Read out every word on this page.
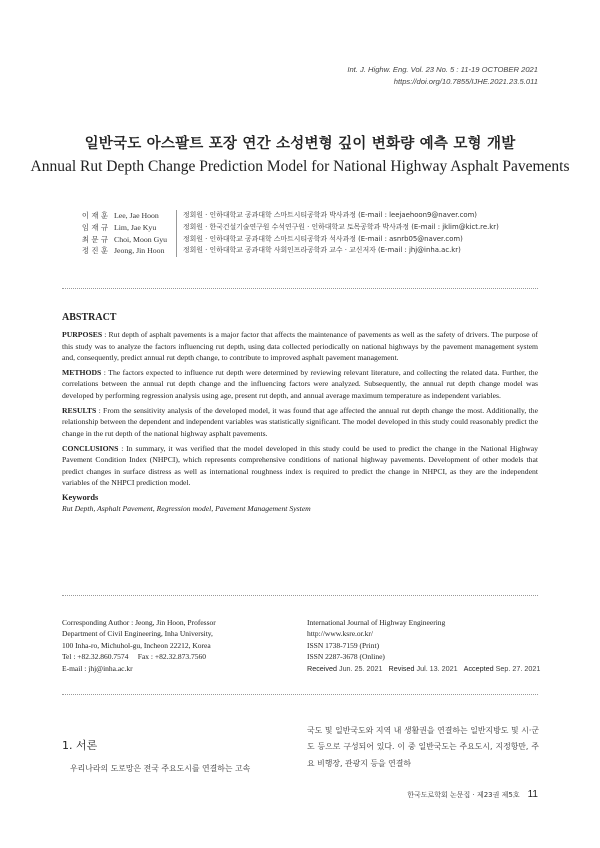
Int. J. Highw. Eng. Vol. 23 No. 5 : 11-19 OCTOBER 2021
https://doi.org/10.7855/IJHE.2021.23.5.011
일반국도 아스팔트 포장 연간 소성변형 깊이 변화량 예측 모형 개발
Annual Rut Depth Change Prediction Model for National Highway Asphalt Pavements
이 재 훈 Lee, Jae Hoon	정회원 · 인하대학교 공과대학 스마트시티공학과 박사과정 (E-mail : leejaehoon9@naver.com)
임 재 규 Lim, Jae Kyu	정회원 · 한국건설기술연구원 수석연구원 · 인하대학교 토목공학과 박사과정 (E-mail : jklim@kict.re.kr)
최 문 규 Choi, Moon Gyu	정회원 · 인하대학교 공과대학 스마트시티공학과 석사과정 (E-mail : asnrb05@naver.com)
정 진 훈 Jeong, Jin Hoon	정회원 · 인하대학교 공과대학 사회인프라공학과 교수 · 교신저자 (E-mail : jhj@inha.ac.kr)
ABSTRACT

PURPOSES : Rut depth of asphalt pavements is a major factor that affects the maintenance of pavements as well as the safety of drivers. The purpose of this study was to analyze the factors influencing rut depth, using data collected periodically on national highways by the pavement management system and, consequently, predict annual rut depth change, to contribute to improved asphalt pavement management.

METHODS : The factors expected to influence rut depth were determined by reviewing relevant literature, and collecting the related data. Further, the correlations between the annual rut depth change and the influencing factors were analyzed. Subsequently, the annual rut depth change model was developed by performing regression analysis using age, present rut depth, and annual average maximum temperature as independent variables.

RESULTS : From the sensitivity analysis of the developed model, it was found that age affected the annual rut depth change the most. Additionally, the relationship between the dependent and independent variables was statistically significant. The model developed in this study could reasonably predict the change in the rut depth of the national highway asphalt pavements.

CONCLUSIONS : In summary, it was verified that the model developed in this study could be used to predict the change in the National Highway Pavement Condition Index (NHPCI), which represents comprehensive conditions of national highway pavements. Development of other models that predict changes in surface distress as well as international roughness index is required to predict the change in NHPCI, as they are the independent variables of the NHPCI prediction model.

Keywords
Rut Depth, Asphalt Pavement, Regression model, Pavement Management System
Corresponding Author : Jeong, Jin Hoon, Professor
Department of Civil Engineering, Inha University,
100 Inha-ro, Michuhol-gu, Incheon 22212, Korea
Tel : +82.32.860.7574     Fax : +82.32.873.7560
E-mail : jhj@inha.ac.kr
International Journal of Highway Engineering
http://www.ksre.or.kr/
ISSN 1738-7159 (Print)
ISSN 2287-3678 (Online)
Received Jun. 25. 2021 Revised Jul. 13. 2021 Accepted Sep. 27. 2021
1. 서론
우리나라의 도로망은 전국 주요도시를 연결하는 고속
국도 및 일반국도와 지역 내 생활권을 연결하는 일반지방도 및 시·군도 등으로 구성되어 있다. 이 중 일반국도는 주요도시, 지정항만, 주요 비행장, 관광지 등을 연결하
한국도로학회 논문집 · 제23권 제5호 11
